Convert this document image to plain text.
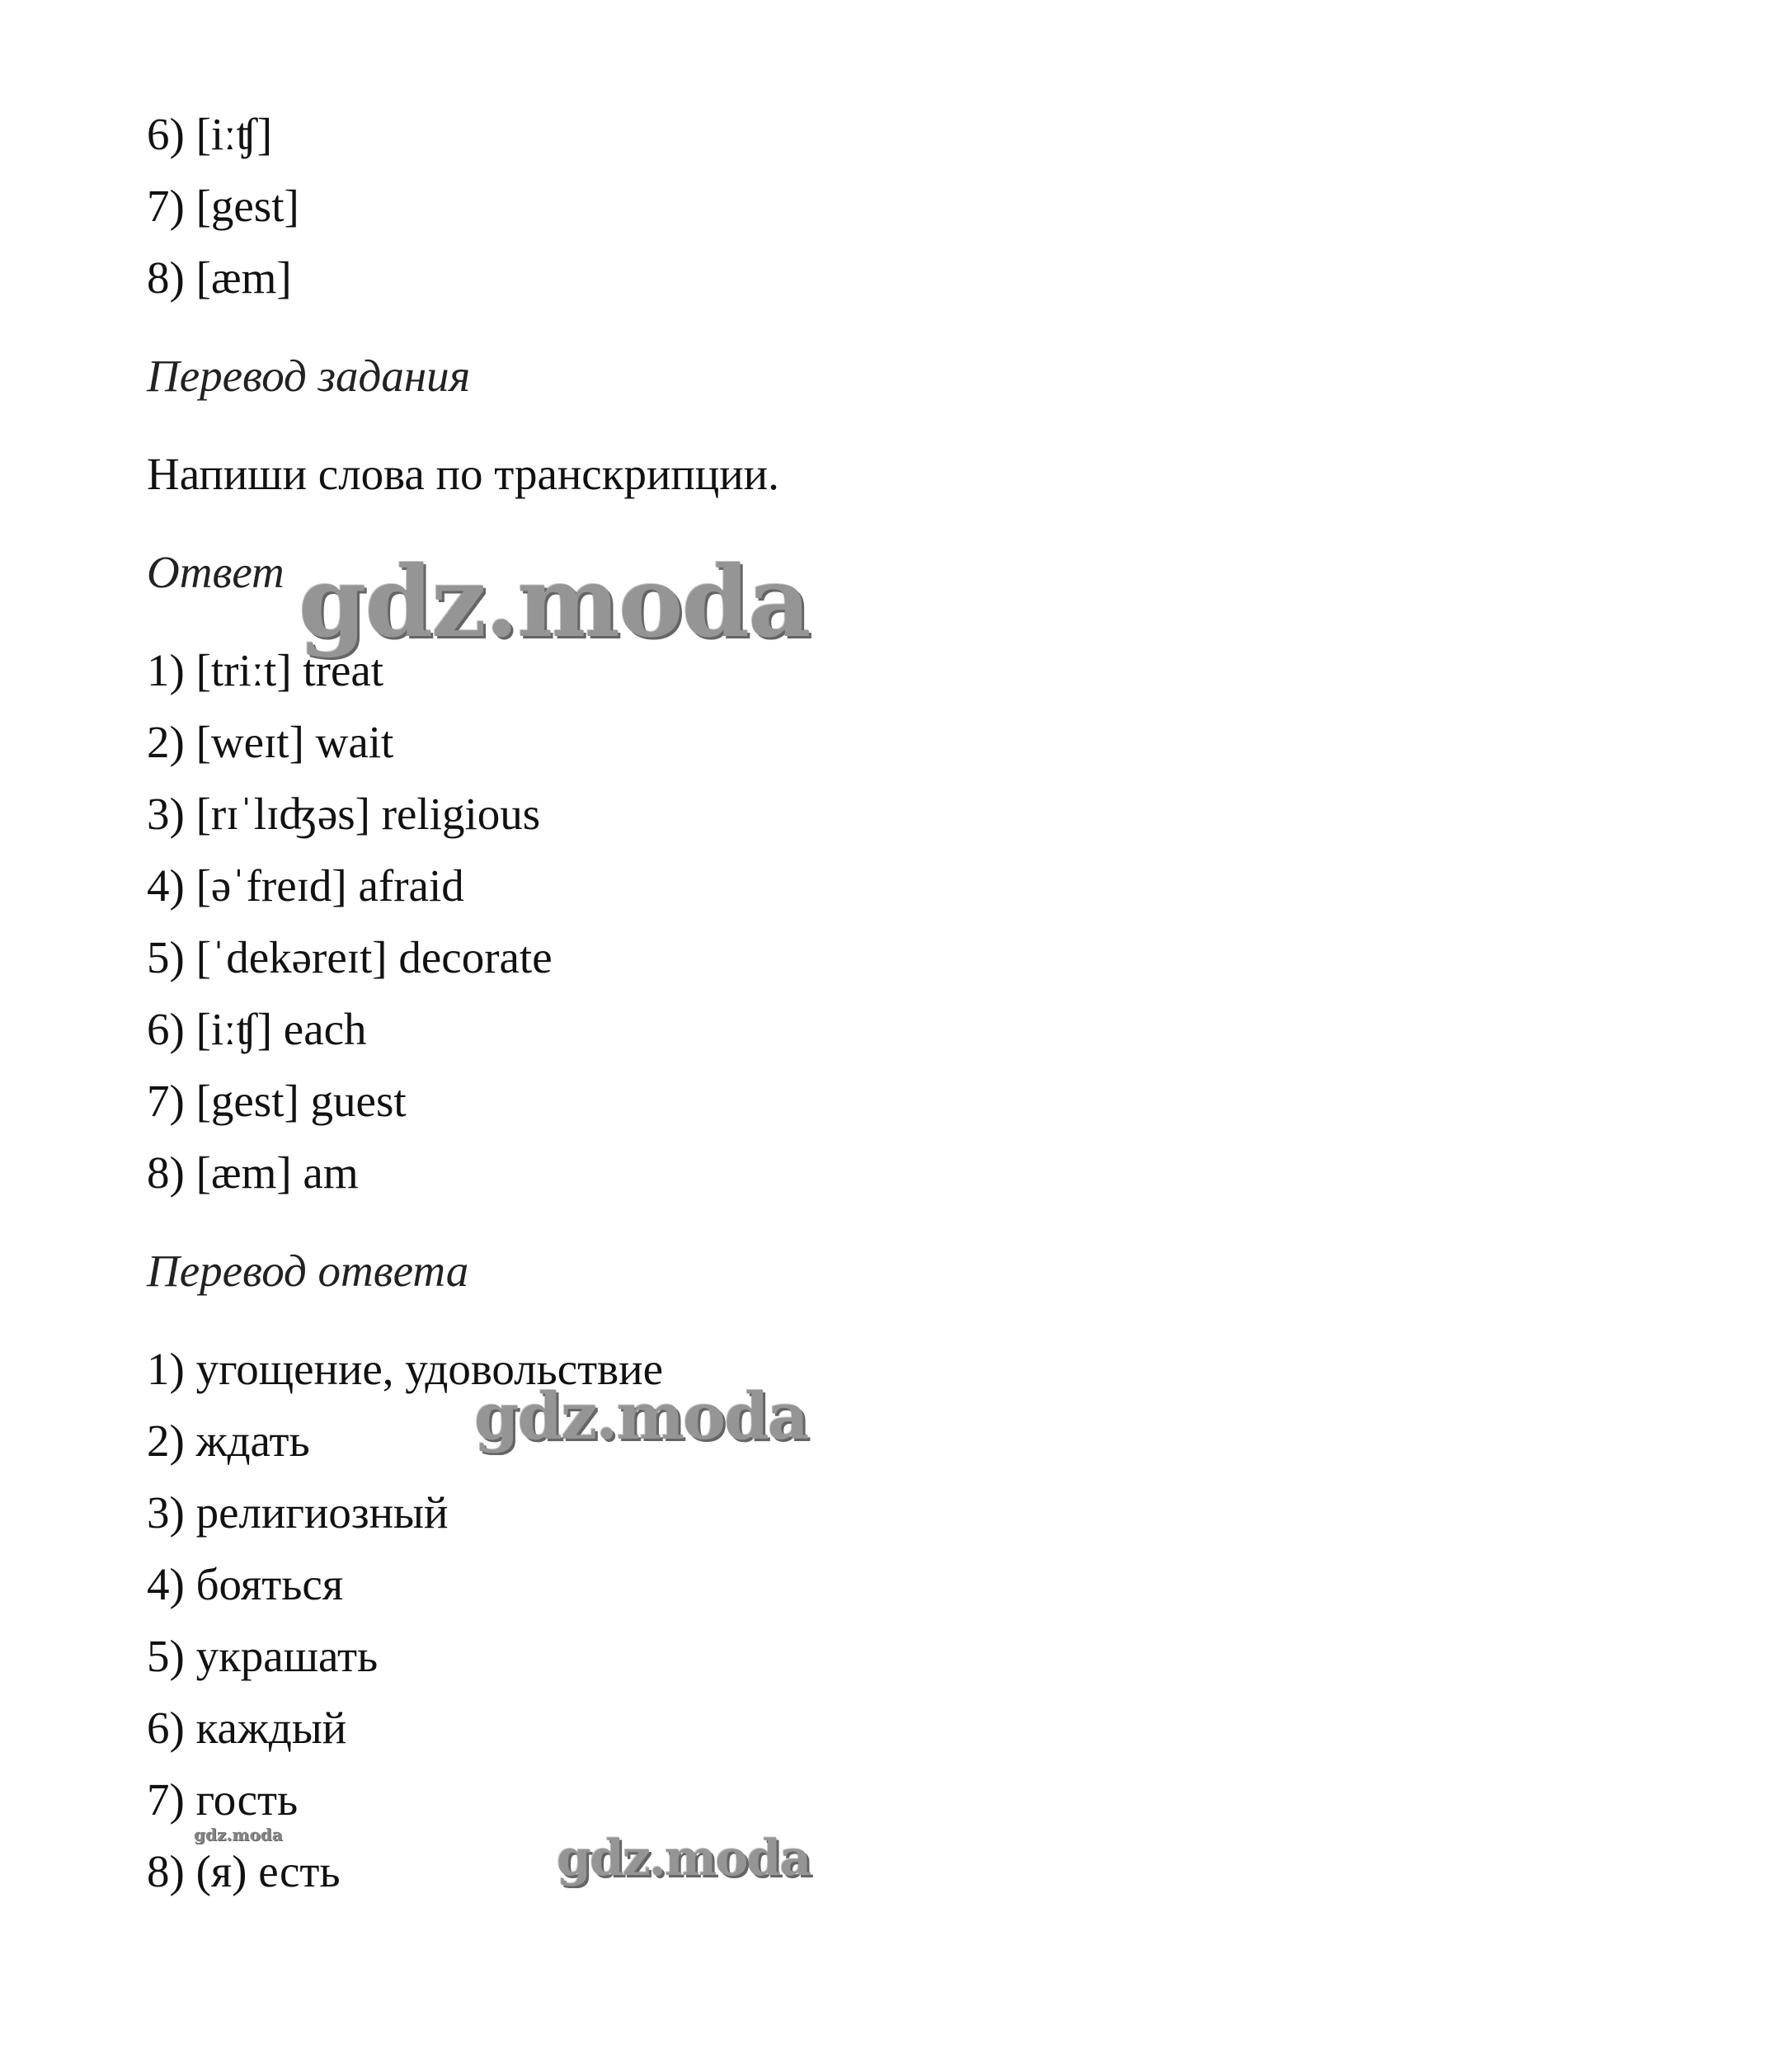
6) [iːʧ]
7) [gest]
8) [æm]
Перевод задания
Напиши слова по транскрипции.
Ответ
1) [triːt] treat
2) [weɪt] wait
3) [rɪˈlɪʤəs] religious
4) [əˈfreɪd] afraid
5) [ˈdekəreɪt] decorate
6) [iːʧ] each
7) [gest] guest
8) [æm] am
Перевод ответа
1) угощение, удовольствие
2) ждать
3) религиозный
4) бояться
5) украшать
6) каждый
7) гость
8) (я) есть
gdz.moda
gdz.moda
gdz.moda
gdz.moda
